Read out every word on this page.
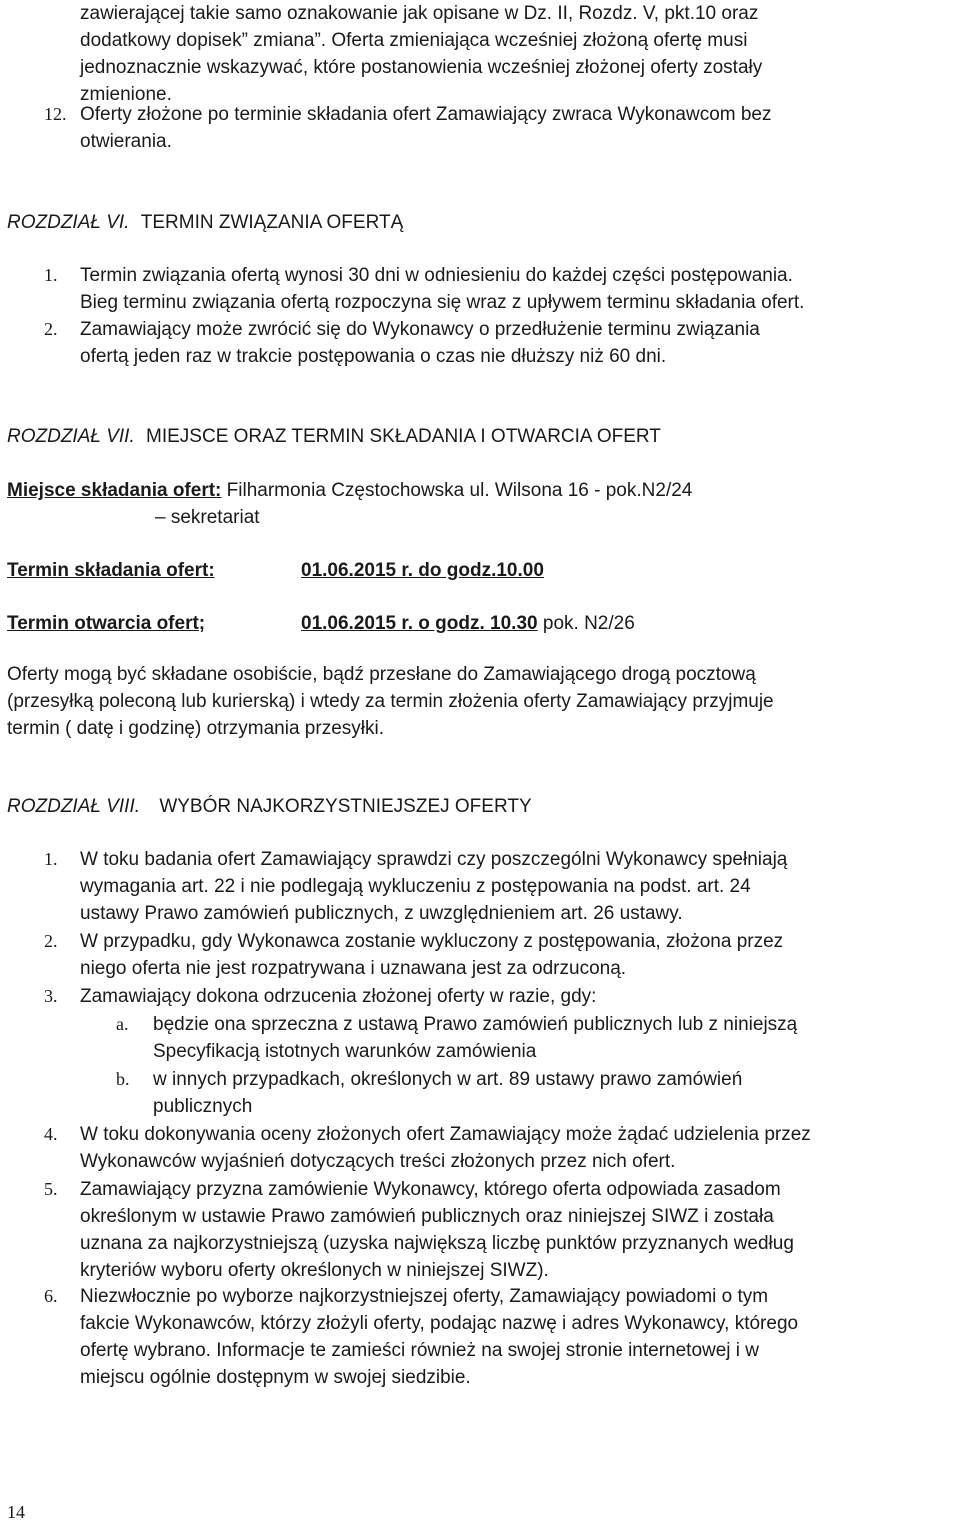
zawierającej takie samo oznakowanie jak opisane w Dz. II, Rozdz. V, pkt.10 oraz
dodatkowy dopisek” zmiana”. Oferta zmieniająca wcześniej złożoną ofertę musi
jednoznacznie wskazywać, które postanowienia wcześniej złożonej oferty zostały
zmienione.
12. Oferty złożone po terminie składania ofert Zamawiający zwraca Wykonawcom bez
otwierania.
ROZDZIAŁ VI. TERMIN ZWIĄZANIA OFERTĄ
1. Termin związania ofertą wynosi 30 dni w odniesieniu do każdej części postępowania.
Bieg terminu związania ofertą rozpoczyna się wraz z upływem terminu składania ofert.
2. Zamawiający może zwrócić się do Wykonawcy o przedłużenie terminu związania
ofertą jeden raz w trakcie postępowania o czas nie dłuższy niż 60 dni.
ROZDZIAŁ VII. MIEJSCE ORAZ TERMIN SKŁADANIA I OTWARCIA OFERT
Miejsce składania ofert: Filharmonia Częstochowska ul. Wilsona 16 - pok.N2/24
– sekretariat
Termin składania ofert:	01.06.2015 r. do godz.10.00
Termin otwarcia ofert;	01.06.2015 r. o godz. 10.30 pok. N2/26
Oferty mogą być składane osobiście, bądź przesłane do Zamawiającego drogą pocztową
(przesyłką poleconą lub kurierską) i wtedy za termin złożenia oferty Zamawiający przyjmuje
termin ( datę i godzinę) otrzymania przesyłki.
ROZDZIAŁ VIII. WYBÓR NAJKORZYSTNIEJSZEJ OFERTY
1. W toku badania ofert Zamawiający sprawdzi czy poszczególni Wykonawcy spełniają
wymagania art. 22 i nie podlegają wykluczeniu z postępowania na podst. art. 24
ustawy Prawo zamówień publicznych, z uwzględnieniem art. 26 ustawy.
2. W przypadku, gdy Wykonawca zostanie wykluczony z postępowania, złożona przez
niego oferta nie jest rozpatrywana i uznawana jest za odrzuconą.
3. Zamawiający dokona odrzucenia złożonej oferty w razie, gdy:
a. będzie ona sprzeczna z ustawą Prawo zamówień publicznych lub z niniejszą
Specyfikacją istotnych warunków zamówienia
b. w innych przypadkach, określonych w art. 89 ustawy prawo zamówień
publicznych
4. W toku dokonywania oceny złożonych ofert Zamawiający może żądać udzielenia przez
Wykonawców wyjaśnień dotyczących treści złożonych przez nich ofert.
5. Zamawiający przyzna zamówienie Wykonawcy, którego oferta odpowiada zasadom
określonym w ustawie Prawo zamówień publicznych oraz niniejszej SIWZ i została
uznana za najkorzystniejszą (uzyska największą liczbę punktów przyznanych według
kryteriów wyboru oferty określonych w niniejszej SIWZ).
6. Niezwłocznie po wyborze najkorzystniejszej oferty, Zamawiający powiadomi o tym
fakcie Wykonawców, którzy złożyli oferty, podając nazwę i adres Wykonawcy, którego
ofertę wybrano. Informacje te zamieści również na swojej stronie internetowej i w
miejscu ogólnie dostępnym w swojej siedzibie.
14
